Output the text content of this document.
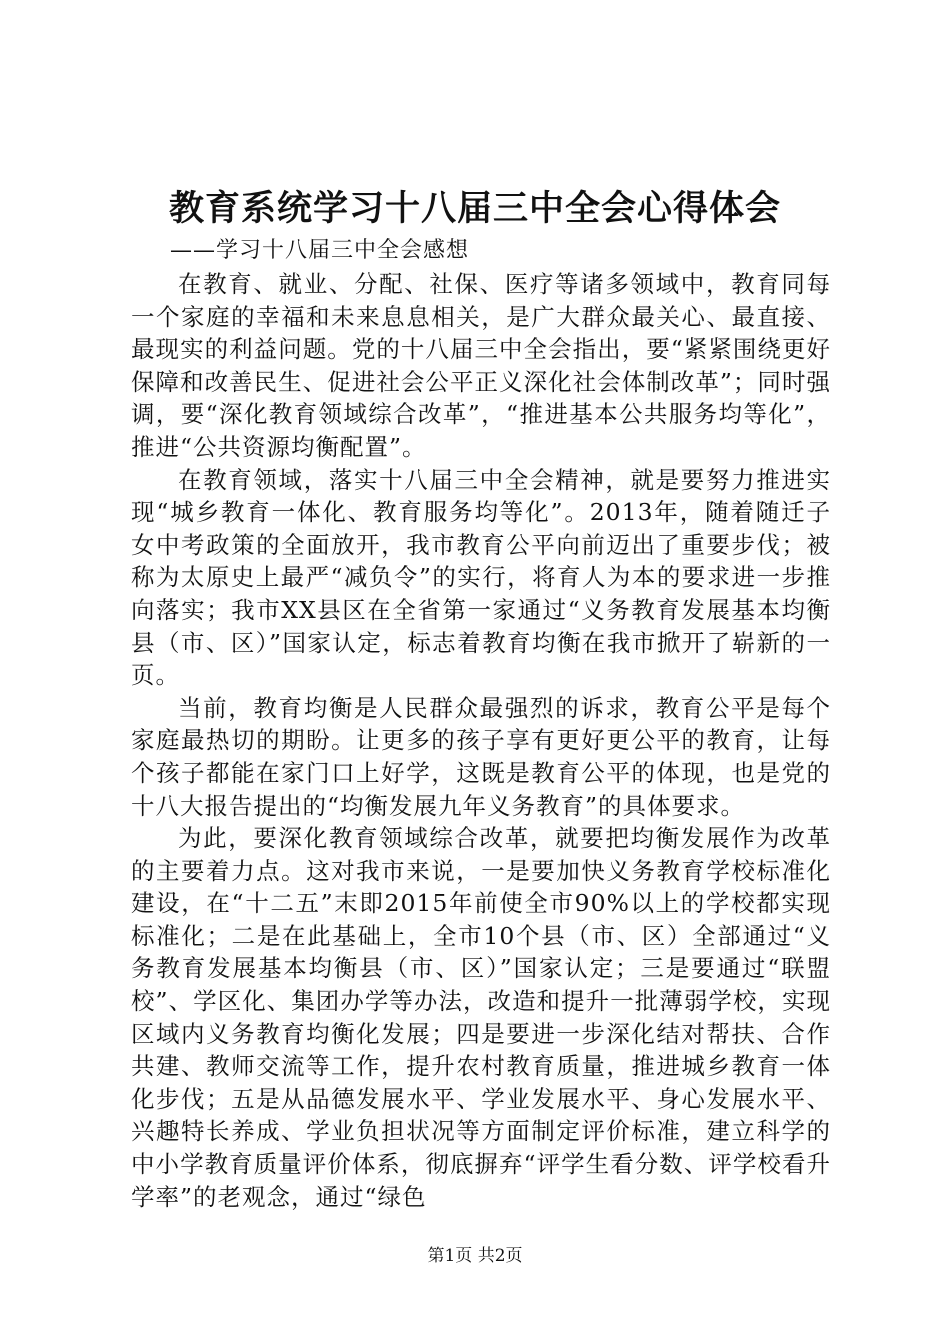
教育系统学习十八届三中全会心得体会
——学习十八届三中全会感想

在教育、就业、分配、社保、医疗等诸多领域中，教育同每一个家庭的幸福和未来息息相关，是广大群众最关心、最直接、最现实的利益问题。党的十八届三中全会指出，要“紧紧围绕更好保障和改善民生、促进社会公平正义深化社会体制改革”；同时强调，要“深化教育领域综合改革”，“推进基本公共服务均等化”，推进“公共资源均衡配置”。

在教育领域，落实十八届三中全会精神，就是要努力推进实现“城乡教育一体化、教育服务均等化”。2013年，随着随迁子女中考政策的全面放开，我市教育公平向前迈出了重要步伐；被称为太原史上最严“减负令”的实行，将育人为本的要求进一步推向落实；我市XX县区在全省第一家通过“义务教育发展基本均衡县（市、区）”国家认定，标志着教育均衡在我市掀开了崭新的一页。

当前，教育均衡是人民群众最强烈的诉求，教育公平是每个家庭最热切的期盼。让更多的孩子享有更好更公平的教育，让每个孩子都能在家门口上好学，这既是教育公平的体现，也是党的十八大报告提出的“均衡发展九年义务教育”的具体要求。

为此，要深化教育领域综合改革，就要把均衡发展作为改革的主要着力点。这对我市来说，一是要加快义务教育学校标准化建设，在“十二五”末即2015年前使全市90%以上的学校都实现标准化；二是在此基础上，全市10个县（市、区）全部通过“义务教育发展基本均衡县（市、区）”国家认定；三是要通过“联盟校”、学区化、集团办学等办法，改造和提升一批薄弱学校，实现区域内义务教育均衡化发展；四是要进一步深化结对帮扶、合作共建、教师交流等工作，提升农村教育质量，推进城乡教育一体化步伐；五是从品德发展水平、学业发展水平、身心发展水平、兴趣特长养成、学业负担状况等方面制定评价标准，建立科学的中小学教育质量评价体系，彻底摒弃“评学生看分数、评学校看升学率”的老观念，通过“绿色

第1页 共2页
